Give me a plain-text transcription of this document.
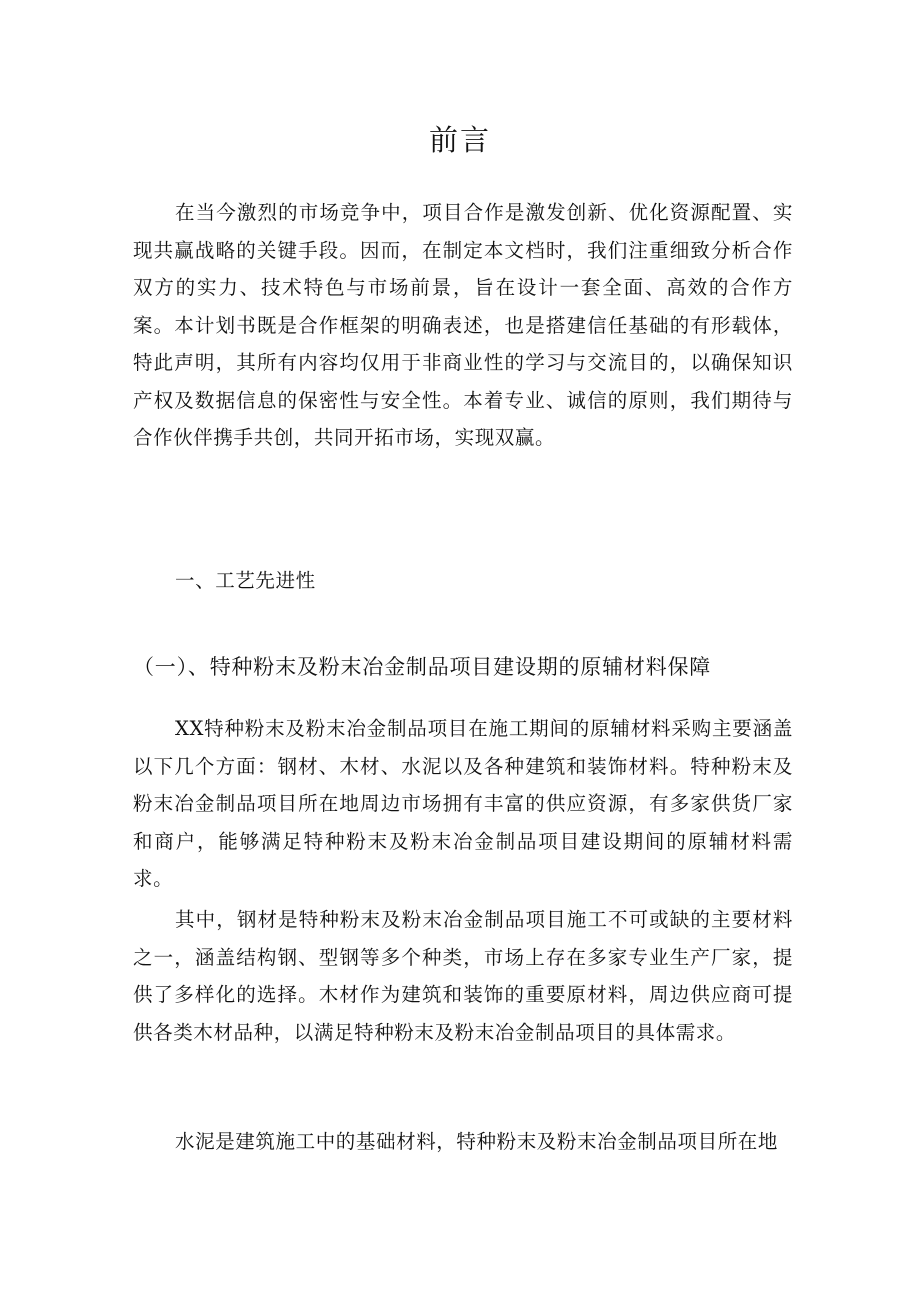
前言

在当今激烈的市场竞争中，项目合作是激发创新、优化资源配置、实现共赢战略的关键手段。因而，在制定本文档时，我们注重细致分析合作双方的实力、技术特色与市场前景，旨在设计一套全面、高效的合作方案。本计划书既是合作框架的明确表述，也是搭建信任基础的有形载体，特此声明，其所有内容均仅用于非商业性的学习与交流目的，以确保知识产权及数据信息的保密性与安全性。本着专业、诚信的原则，我们期待与合作伙伴携手共创，共同开拓市场，实现双赢。

一、工艺先进性
（一）、特种粉末及粉末冶金制品项目建设期的原辅材料保障

XX特种粉末及粉末冶金制品项目在施工期间的原辅材料采购主要涵盖以下几个方面：钢材、木材、水泥以及各种建筑和装饰材料。特种粉末及粉末冶金制品项目所在地周边市场拥有丰富的供应资源，有多家供货厂家和商户，能够满足特种粉末及粉末冶金制品项目建设期间的原辅材料需求。

其中，钢材是特种粉末及粉末冶金制品项目施工不可或缺的主要材料之一，涵盖结构钢、型钢等多个种类，市场上存在多家专业生产厂家，提供了多样化的选择。木材作为建筑和装饰的重要原材料，周边供应商可提供各类木材品种，以满足特种粉末及粉末冶金制品项目的具体需求。

水泥是建筑施工中的基础材料，特种粉末及粉末冶金制品项目所在地
